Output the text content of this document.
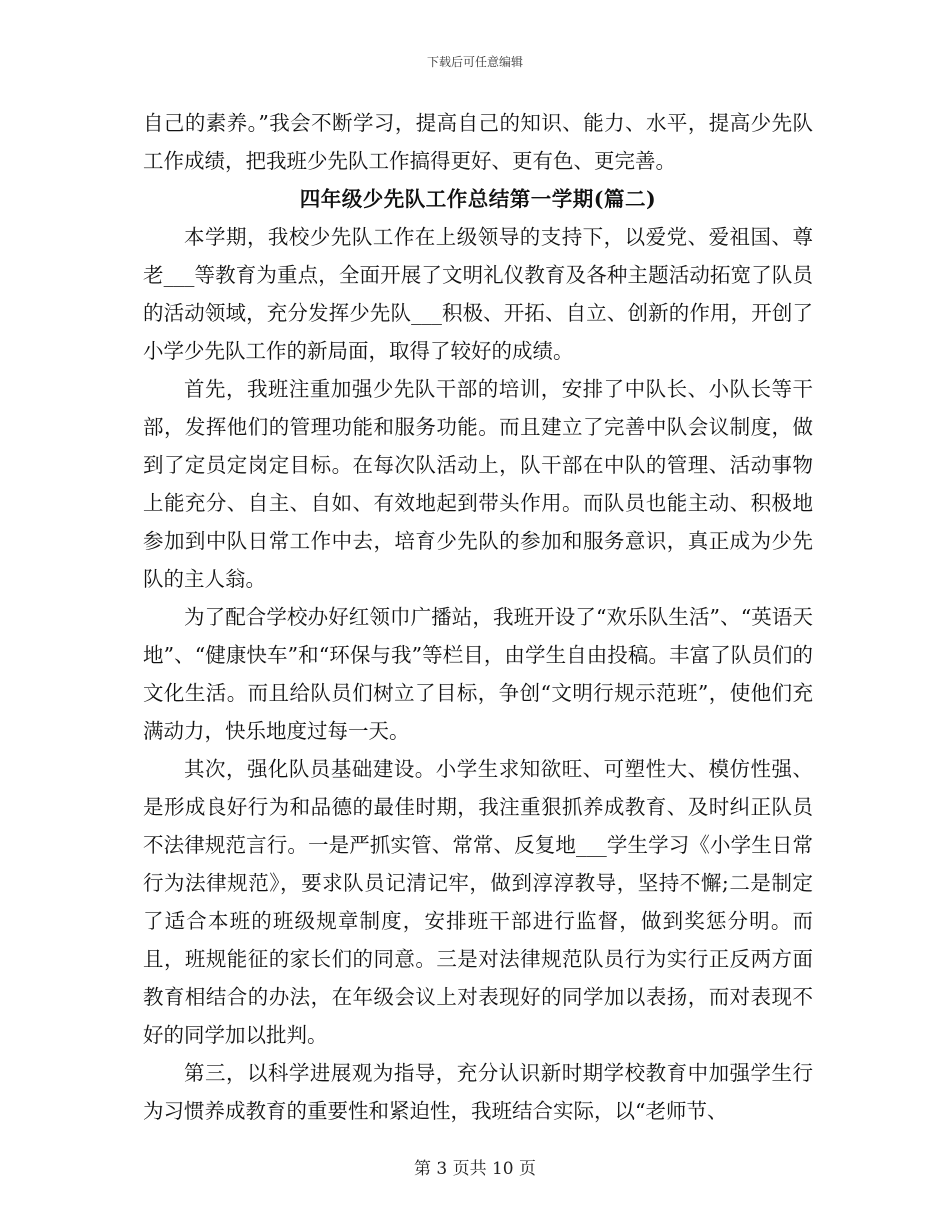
下载后可任意编辑

自己的素养。”我会不断学习，提高自己的知识、能力、水平，提高少先队工作成绩，把我班少先队工作搞得更好、更有色、更完善。

四年级少先队工作总结第一学期(篇二)

本学期，我校少先队工作在上级领导的支持下，以爱党、爱祖国、尊老___等教育为重点，全面开展了文明礼仪教育及各种主题活动拓宽了队员的活动领域，充分发挥少先队___积极、开拓、自立、创新的作用，开创了小学少先队工作的新局面，取得了较好的成绩。

首先，我班注重加强少先队干部的培训，安排了中队长、小队长等干部，发挥他们的管理功能和服务功能。而且建立了完善中队会议制度，做到了定员定岗定目标。在每次队活动上，队干部在中队的管理、活动事物上能充分、自主、自如、有效地起到带头作用。而队员也能主动、积极地参加到中队日常工作中去，培育少先队的参加和服务意识，真正成为少先队的主人翁。

为了配合学校办好红领巾广播站，我班开设了“欢乐队生活”、“英语天地”、“健康快车”和“环保与我”等栏目，由学生自由投稿。丰富了队员们的文化生活。而且给队员们树立了目标，争创“文明行规示范班”，使他们充满动力，快乐地度过每一天。

其次，强化队员基础建设。小学生求知欲旺、可塑性大、模仿性强、是形成良好行为和品德的最佳时期，我注重狠抓养成教育、及时纠正队员不法律规范言行。一是严抓实管、常常、反复地___学生学习《小学生日常行为法律规范》，要求队员记清记牢，做到淳淳教导，坚持不懈;二是制定了适合本班的班级规章制度，安排班干部进行监督，做到奖惩分明。而且，班规能征的家长们的同意。三是对法律规范队员行为实行正反两方面教育相结合的办法，在年级会议上对表现好的同学加以表扬，而对表现不好的同学加以批判。

第三，以科学进展观为指导，充分认识新时期学校教育中加强学生行为习惯养成教育的重要性和紧迫性，我班结合实际，以“老师节、

第 3 页共 10 页
